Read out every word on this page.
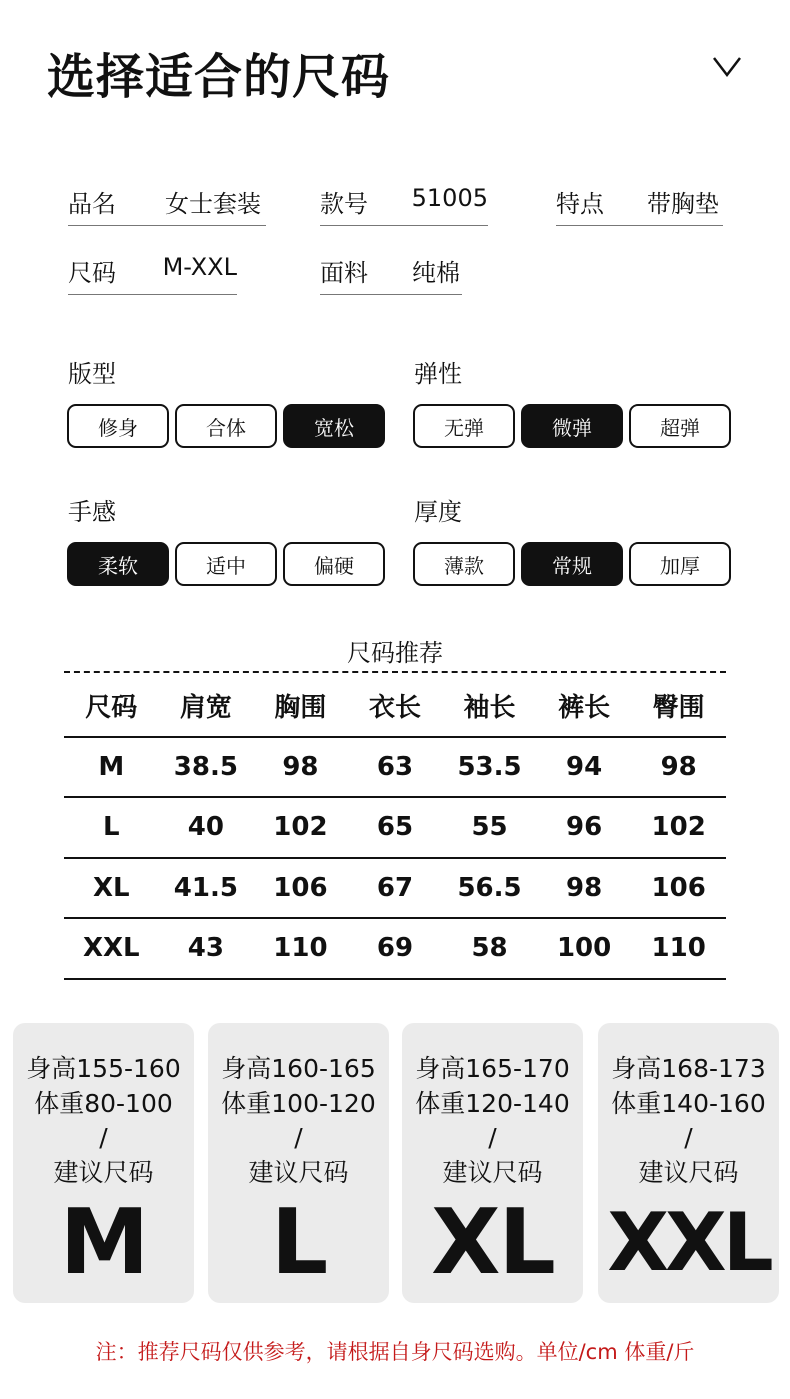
选择适合的尺码
品名	女士套装 款号	51005	特点	带胸垫
尺码	M-XXL	面料	纯棉
版型
修身	合体	宽松
弹性
无弹	微弹	超弹
手感
柔软	适中	偏硬
厚度
薄款	常规	加厚
尺码推荐
尺码	肩宽	胸围	衣长	袖长	裤长	臀围
M	38.5	98	63	53.5	94	98
L	40	102	65	55	96	102
XL	41.5	106	67	56.5	98	106
XXL	43	110	69	58	100	110
身高155-160
体重80-100
/
建议尺码
M
身高160-165
体重100-120
/
建议尺码
L
身高165-170
体重120-140
/
建议尺码
XL
身高168-173
体重140-160
/
建议尺码
XXL
注：推荐尺码仅供参考，请根据自身尺码选购。单位/cm 体重/斤
